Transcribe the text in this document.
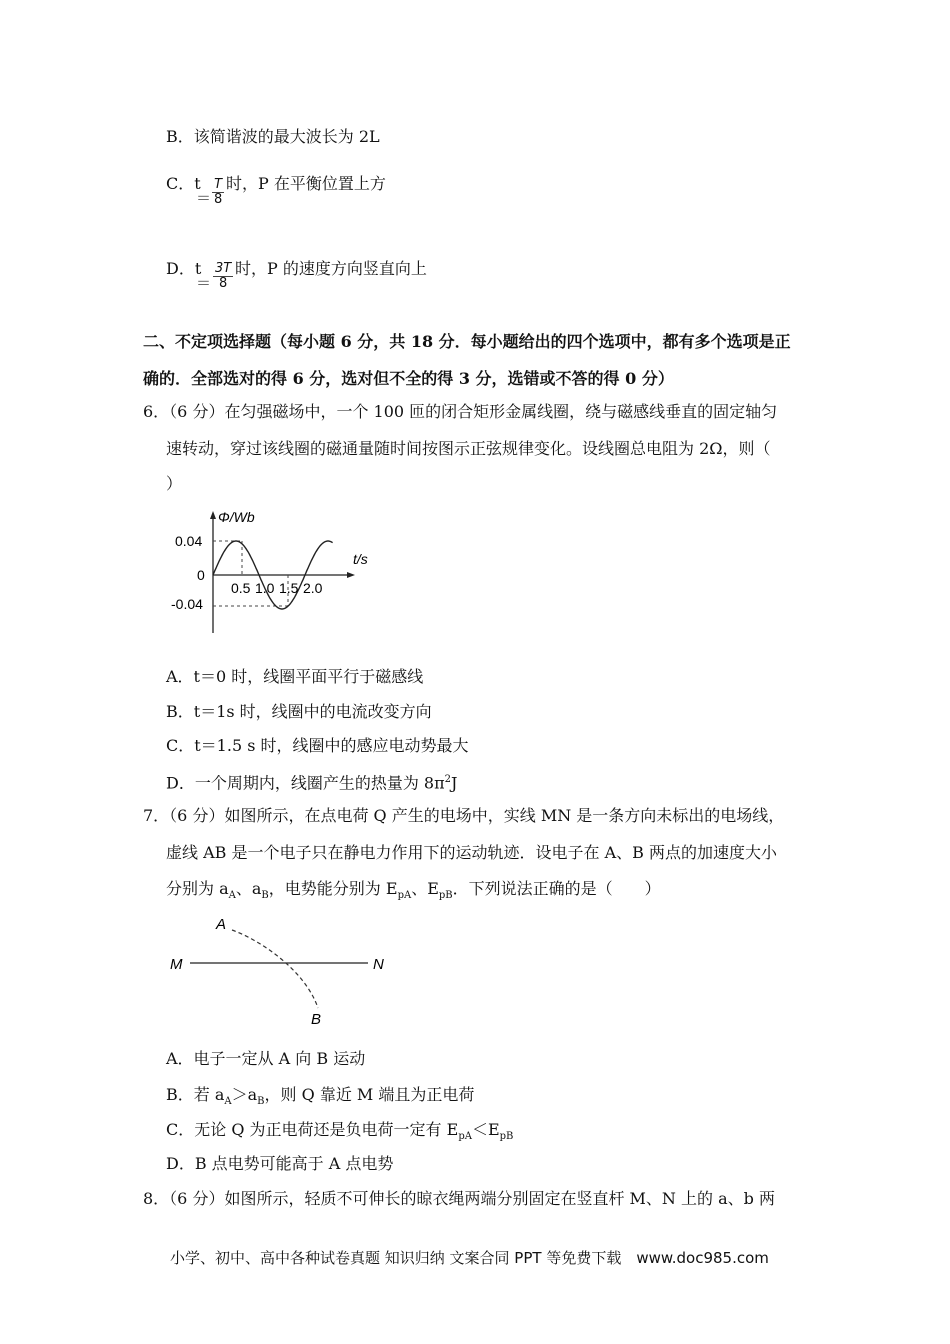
B．该简谐波的最大波长为 2L
C．t
＝ $\frac{T}{8}$ 时，P 在平衡位置上方
D．t
＝ $\frac{3T}{8}$ 时，P 的速度方向竖直向上
二、不定项选择题（每小题 6 分，共 18 分．每小题给出的四个选项中，都有多个选项是正
确的．全部选对的得 6 分，选对但不全的得 3 分，选错或不答的得 0 分）
6．（6 分）在匀强磁场中，一个 100 匝的闭合矩形金属线圈，绕与磁感线垂直的固定轴匀
速转动，穿过该线圈的磁通量随时间按图示正弦规律变化。设线圈总电阻为 2Ω，则（
）
Φ/Wb
t/s
0.04
0
-0.04
0.5 1.0 1.5 2.0
A．t＝0 时，线圈平面平行于磁感线
B．t＝1s 时，线圈中的电流改变方向
C．t＝1.5 s 时，线圈中的感应电动势最大
D．一个周期内，线圈产生的热量为 $8\pi^2J$
7．（6 分）如图所示，在点电荷 Q 产生的电场中，实线 MN 是一条方向未标出的电场线，
虚线 AB 是一个电子只在静电力作用下的运动轨迹．设电子在 A、B 两点的加速度大小
分别为 $a_A$、$a_B$，电势能分别为 $E_{pA}$、$E_{pB}$．下列说法正确的是（　　）
A
M	N
B
A．电子一定从 A 向 B 运动
B．若 $a_A>a_B$，则 Q 靠近 M 端且为正电荷
C．无论 Q 为正电荷还是负电荷一定有 $E_{pA}<E_{pB}$
D．B 点电势可能高于 A 点电势
8．（6 分）如图所示，轻质不可伸长的晾衣绳两端分别固定在竖直杆 M、N 上的 a、b 两
小学、初中、高中各种试卷真题 知识归纳 文案合同 PPT 等免费下载　www.doc985.com
